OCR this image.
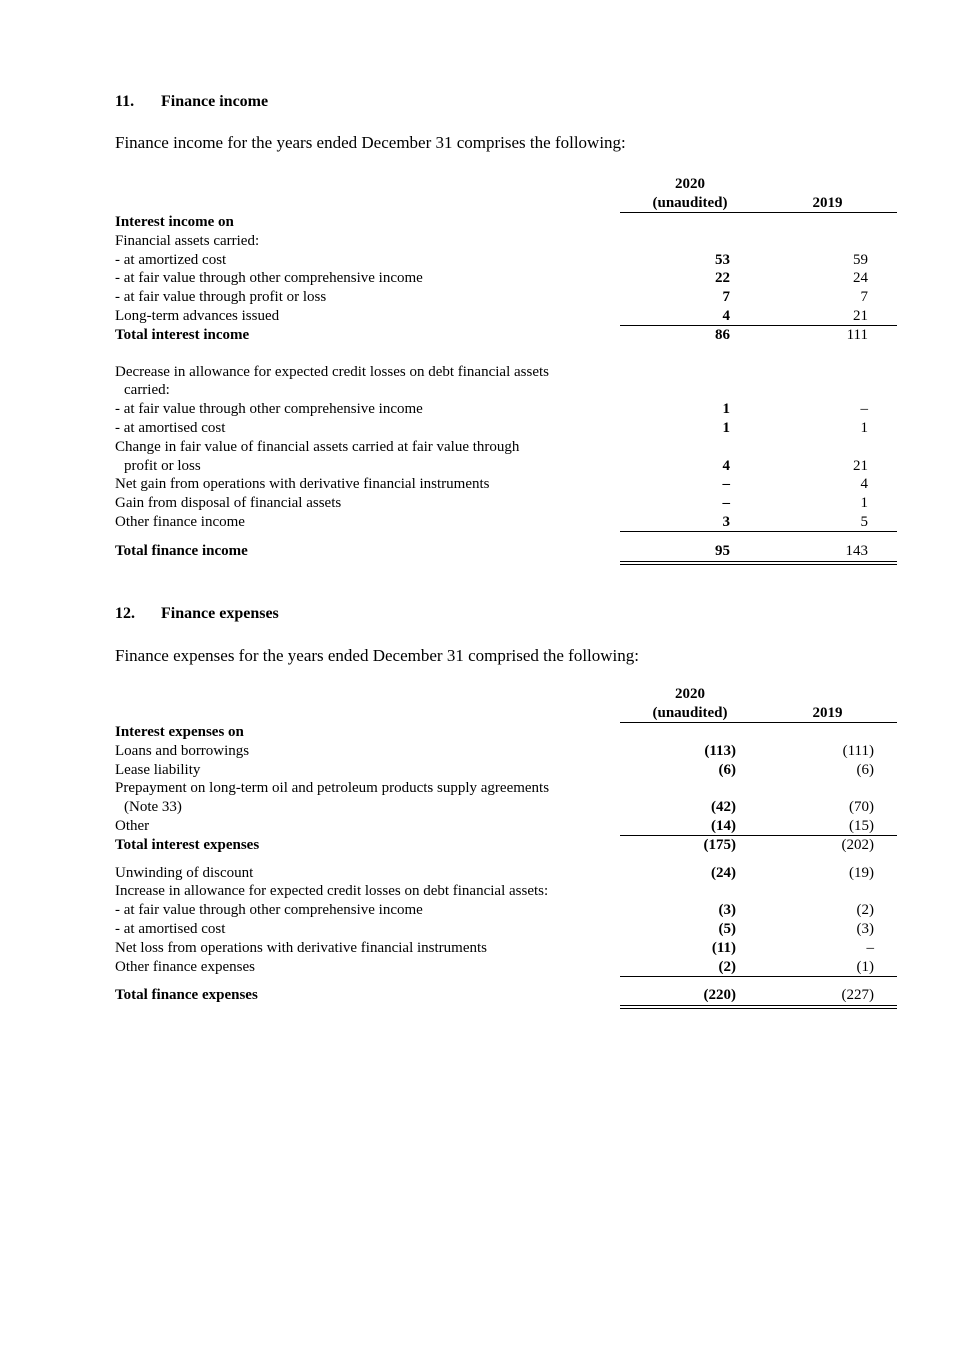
11. Finance income
Finance income for the years ended December 31 comprises the following:
2020
(unaudited)	2019
Interest income on
Financial assets carried:
- at amortized cost	53	59
- at fair value through other comprehensive income	22	24
- at fair value through profit or loss	7	7
Long-term advances issued	4	21
Total interest income	86	111
Decrease in allowance for expected credit losses on debt financial assets
carried:
- at fair value through other comprehensive income	1	–
- at amortised cost	1	1
Change in fair value of financial assets carried at fair value through
profit or loss	4	21
Net gain from operations with derivative financial instruments	–	4
Gain from disposal of financial assets	–	1
Other finance income	3	5
Total finance income	95	143
12. Finance expenses
Finance expenses for the years ended December 31 comprised the following:
2020
(unaudited)	2019
Interest expenses on
Loans and borrowings	(113)	(111)
Lease liability	(6)	(6)
Prepayment on long-term oil and petroleum products supply agreements
(Note 33)	(42)	(70)
Other	(14)	(15)
Total interest expenses	(175)	(202)
Unwinding of discount	(24)	(19)
Increase in allowance for expected credit losses on debt financial assets:
- at fair value through other comprehensive income	(3)	(2)
- at amortised cost	(5)	(3)
Net loss from operations with derivative financial instruments	(11)	–
Other finance expenses	(2)	(1)
Total finance expenses	(220)	(227)
